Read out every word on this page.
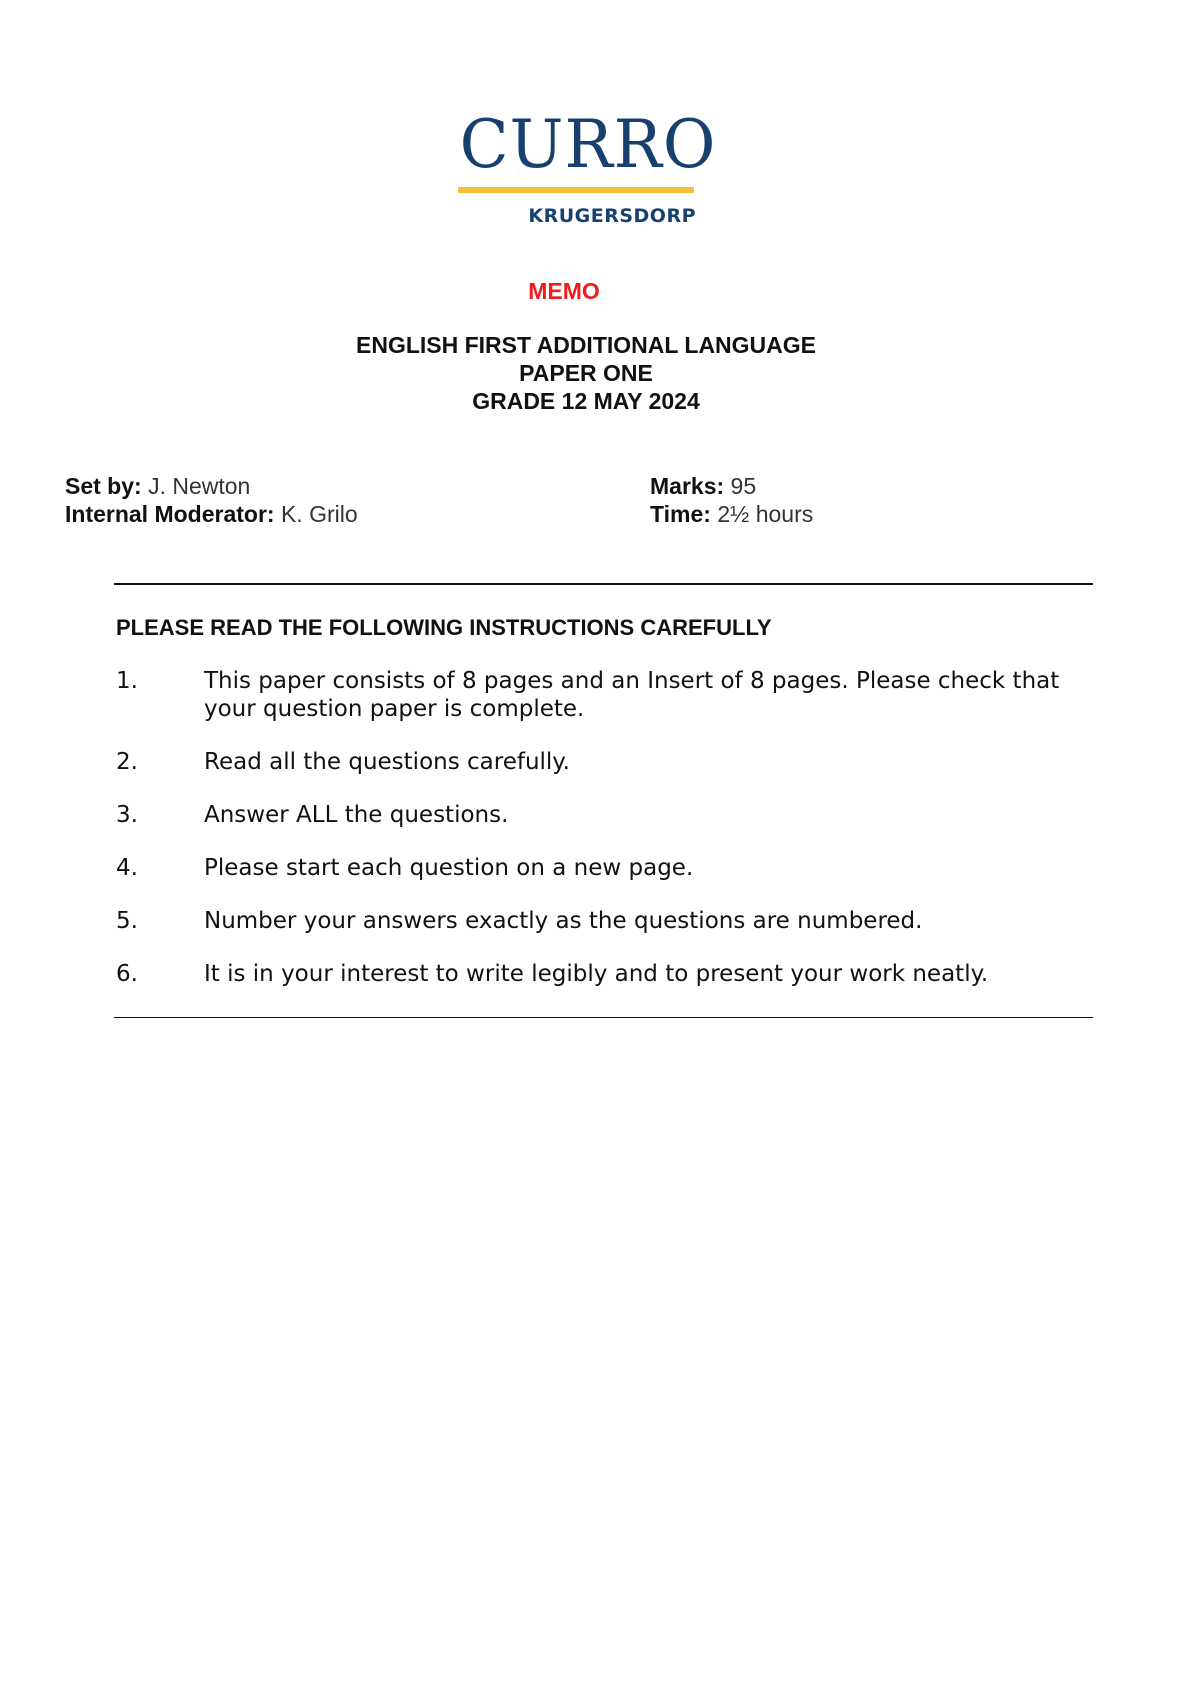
CURRO
KRUGERSDORP
MEMO
ENGLISH FIRST ADDITIONAL LANGUAGE
PAPER ONE
GRADE 12 MAY 2024
Set by: J. Newton
Internal Moderator: K. Grilo
Marks: 95
Time: 2½ hours
PLEASE READ THE FOLLOWING INSTRUCTIONS CAREFULLY
1.	This paper consists of 8 pages and an Insert of 8 pages. Please check that your question paper is complete.
2.	Read all the questions carefully.
3.	Answer ALL the questions.
4.	Please start each question on a new page.
5.	Number your answers exactly as the questions are numbered.
6.	It is in your interest to write legibly and to present your work neatly.
